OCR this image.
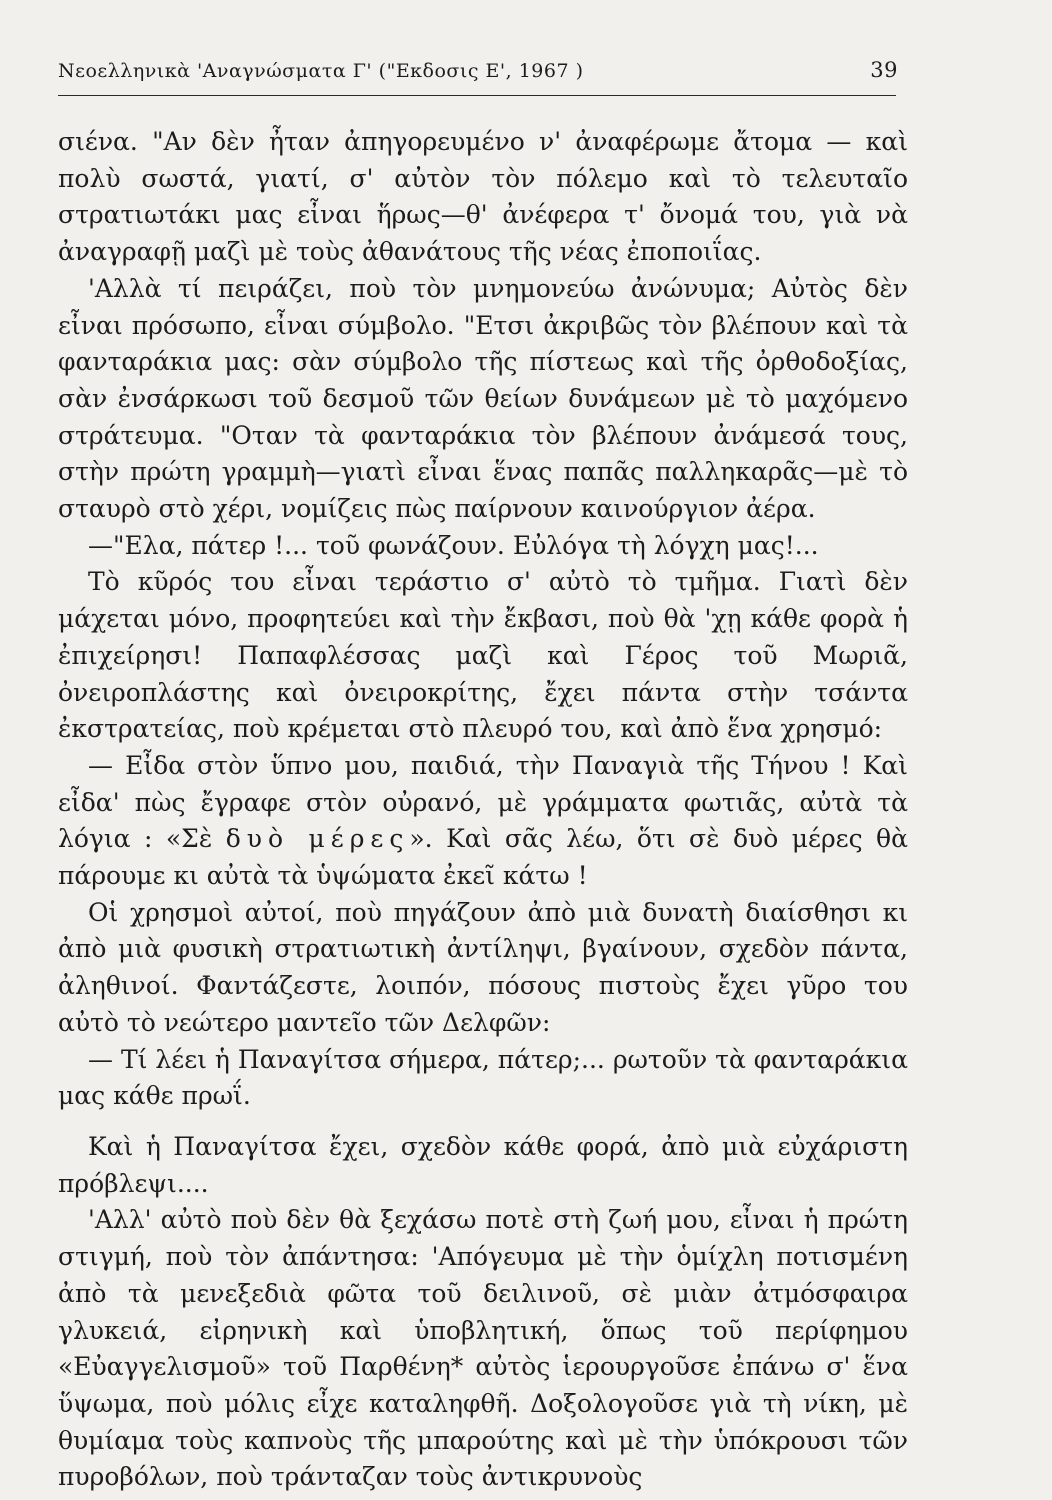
Νεοελληνικὰ 'Αναγνώσματα Γ' ("Εκδοσις Ε', 1967 )	39

σιένα. "Αν δὲν ἦταν ἀπηγορευμένο ν' ἀναφέρωμε ἄτομα — καὶ πολὺ σωστά, γιατί, σ' αὐτὸν τὸν πόλεμο καὶ τὸ τελευταῖο στρατιωτάκι μας εἶναι ἥρως—θ' ἀνέφερα τ' ὄνομά του, γιὰ νὰ ἀναγραφῇ μαζὶ μὲ τοὺς ἀθανάτους τῆς νέας ἐποποιΐας.

'Αλλὰ τί πειράζει, ποὺ τὸν μνημονεύω ἀνώνυμα; Αὐτὸς δὲν εἶναι πρόσωπο, εἶναι σύμβολο. "Ετσι ἀκριβῶς τὸν βλέπουν καὶ τὰ φανταράκια μας: σὰν σύμβολο τῆς πίστεως καὶ τῆς ὀρθοδοξίας, σὰν ἐνσάρκωσι τοῦ δεσμοῦ τῶν θείων δυνάμεων μὲ τὸ μαχόμενο στράτευμα. "Οταν τὰ φανταράκια τὸν βλέπουν ἀνάμεσά τους, στὴν πρώτη γραμμὴ—γιατὶ εἶναι ἕνας παπᾶς παλληκαρᾶς—μὲ τὸ σταυρὸ στὸ χέρι, νομίζεις πὼς παίρνουν καινούργιον ἀέρα.

—"Ελα, πάτερ !... τοῦ φωνάζουν. Εὐλόγα τὴ λόγχη μας!...

Τὸ κῦρός του εἶναι τεράστιο σ' αὐτὸ τὸ τμῆμα. Γιατὶ δὲν μάχεται μόνο, προφητεύει καὶ τὴν ἔκβασι, ποὺ θὰ 'χῃ κάθε φορὰ ἡ ἐπιχείρησι! Παπαφλέσσας μαζὶ καὶ Γέρος τοῦ Μωριᾶ, ὀνειροπλάστης καὶ ὀνειροκρίτης, ἔχει πάντα στὴν τσάντα ἐκστρατείας, ποὺ κρέμεται στὸ πλευρό του, καὶ ἀπὸ ἕνα χρησμό:

— Εἶδα στὸν ὕπνο μου, παιδιά, τὴν Παναγιὰ τῆς Τήνου ! Καὶ εἶδα' πὼς ἔγραφε στὸν οὐρανό, μὲ γράμματα φωτιᾶς, αὐτὰ τὰ λόγια : «Σὲ δυὸ μέρες». Καὶ σᾶς λέω, ὅτι σὲ δυὸ μέρες θὰ πάρουμε κι αὐτὰ τὰ ὑψώματα ἐκεῖ κάτω !

Οἱ χρησμοὶ αὐτοί, ποὺ πηγάζουν ἀπὸ μιὰ δυνατὴ διαίσθησι κι ἀπὸ μιὰ φυσικὴ στρατιωτικὴ ἀντίληψι, βγαίνουν, σχεδὸν πάντα, ἀληθινοί. Φαντάζεστε, λοιπόν, πόσους πιστοὺς ἔχει γῦρο του αὐτὸ τὸ νεώτερο μαντεῖο τῶν Δελφῶν:

— Τί λέει ἡ Παναγίτσα σήμερα, πάτερ;... ρωτοῦν τὰ φανταράκια μας κάθε πρωΐ.

Καὶ ἡ Παναγίτσα ἔχει, σχεδὸν κάθε φορά, ἀπὸ μιὰ εὐχάριστη πρόβλεψι....

'Αλλ' αὐτὸ ποὺ δὲν θὰ ξεχάσω ποτὲ στὴ ζωή μου, εἶναι ἡ πρώτη στιγμή, ποὺ τὸν ἀπάντησα: 'Απόγευμα μὲ τὴν ὁμίχλη ποτισμένη ἀπὸ τὰ μενεξεδιὰ φῶτα τοῦ δειλινοῦ, σὲ μιὰν ἀτμόσφαιρα γλυκειά, εἰρηνικὴ καὶ ὑποβλητική, ὅπως τοῦ περίφημου «Εὐαγγελισμοῦ» τοῦ Παρθένη* αὐτὸς ἱερουργοῦσε ἐπάνω σ' ἕνα ὕψωμα, ποὺ μόλις εἶχε καταληφθῆ. Δοξολογοῦσε γιὰ τὴ νίκη, μὲ θυμίαμα τοὺς καπνοὺς τῆς μπαρούτης καὶ μὲ τὴν ὑπόκρουσι τῶν πυροβόλων, ποὺ τράνταζαν τοὺς ἀντικρυνοὺς
